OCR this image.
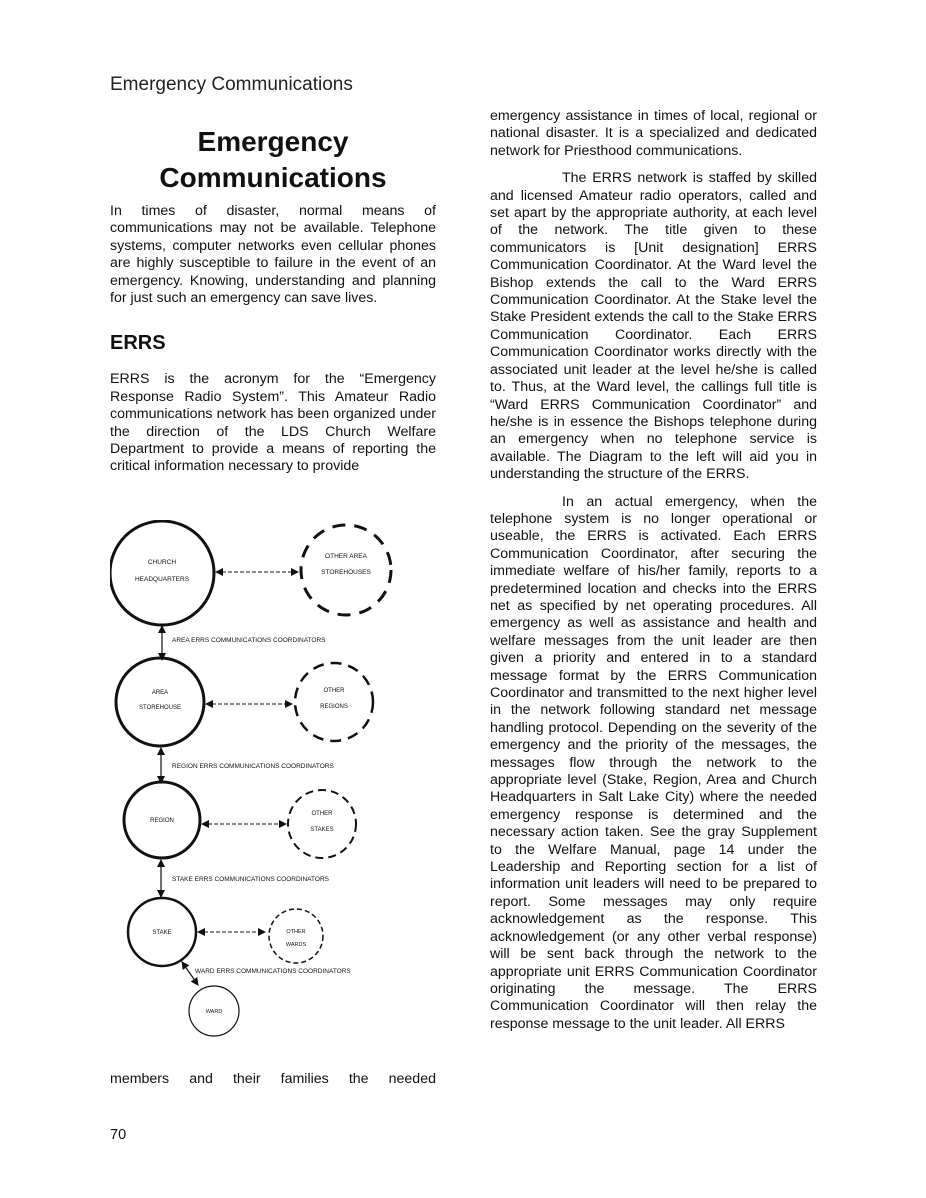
Emergency Communications
Emergency
Communications

In times of disaster, normal means of communications may not be available. Telephone systems, computer networks even cellular phones are highly susceptible to failure in the event of an emergency. Knowing, understanding and planning for just such an emergency can save lives.

ERRS

ERRS is the acronym for the “Emergency Response Radio System”. This Amateur Radio communications network has been organized under the direction of the LDS Church Welfare Department to provide a means of reporting the critical information necessary to provide

CHURCH
HEADQUARTERS
OTHER AREA
STOREHOUSES
AREA ERRS COMMUNICATIONS COORDINATORS
AREA
STOREHOUSE
OTHER
REGIONS
REGION ERRS COMMUNICATIONS COORDINATORS
REGION
OTHER
STAKES
STAKE ERRS COMMUNICATIONS COORDINATORS
STAKE	OTHER
WARDS
WARD ERRS COMMUNICATIONS COORDINATORS
WARD
members and their families the needed

emergency assistance in times of local, regional or national disaster. It is a specialized and dedicated network for Priesthood communications.

The ERRS network is staffed by skilled and licensed Amateur radio operators, called and set apart by the appropriate authority, at each level of the network. The title given to these communicators is [Unit designation] ERRS Communication Coordinator. At the Ward level the Bishop extends the call to the Ward ERRS Communication Coordinator. At the Stake level the Stake President extends the call to the Stake ERRS Communication Coordinator. Each ERRS Communication Coordinator works directly with the associated unit leader at the level he/she is called to. Thus, at the Ward level, the callings full title is “Ward ERRS Communication Coordinator” and he/she is in essence the Bishops telephone during an emergency when no telephone service is available. The Diagram to the left will aid you in understanding the structure of the ERRS.

In an actual emergency, when the telephone system is no longer operational or useable, the ERRS is activated. Each ERRS Communication Coordinator, after securing the immediate welfare of his/her family, reports to a predetermined location and checks into the ERRS net as specified by net operating procedures. All emergency as well as assistance and health and welfare messages from the unit leader are then given a priority and entered in to a standard message format by the ERRS Communication Coordinator and transmitted to the next higher level in the network following standard net message handling protocol. Depending on the severity of the emergency and the priority of the messages, the messages flow through the network to the appropriate level (Stake, Region, Area and Church Headquarters in Salt Lake City) where the needed emergency response is determined and the necessary action taken. See the gray Supplement to the Welfare Manual, page 14 under the Leadership and Reporting section for a list of information unit leaders will need to be prepared to report. Some messages may only require acknowledgement as the response. This acknowledgement (or any other verbal response) will be sent back through the network to the appropriate unit ERRS Communication Coordinator originating the message. The ERRS Communication Coordinator will then relay the response message to the unit leader. All ERRS

70
